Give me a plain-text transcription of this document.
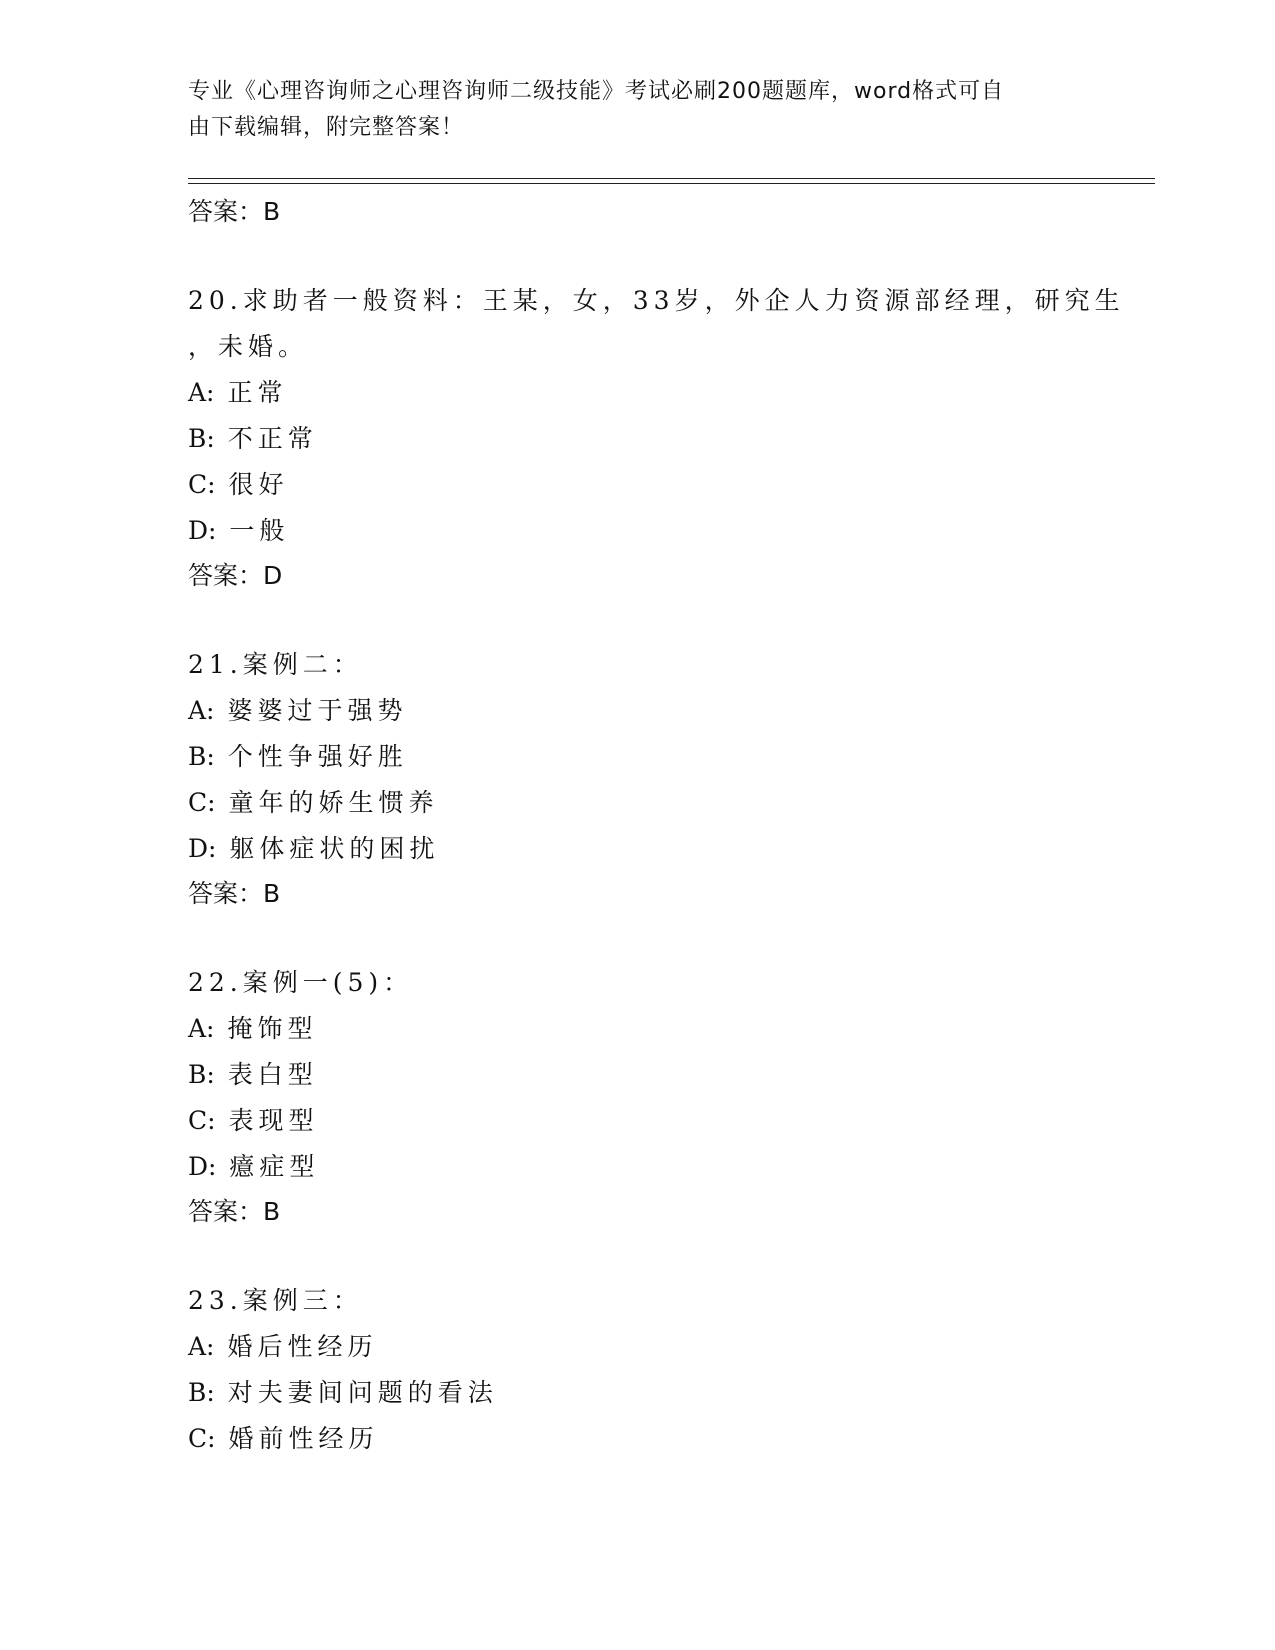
专业《心理咨询师之心理咨询师二级技能》考试必刷200题题库，word格式可自
由下载编辑，附完整答案！
答案：B
20.求助者一般资料：王某，女，33岁，外企人力资源部经理，研究生
，未婚。
A: 正常
B: 不正常
C: 很好
D: 一般
答案：D
21.案例二：
A: 婆婆过于强势
B: 个性争强好胜
C: 童年的娇生惯养
D: 躯体症状的困扰
答案：B
22.案例一(5)：
A: 掩饰型
B: 表白型
C: 表现型
D: 癔症型
答案：B
23.案例三：
A: 婚后性经历
B: 对夫妻间问题的看法
C: 婚前性经历
